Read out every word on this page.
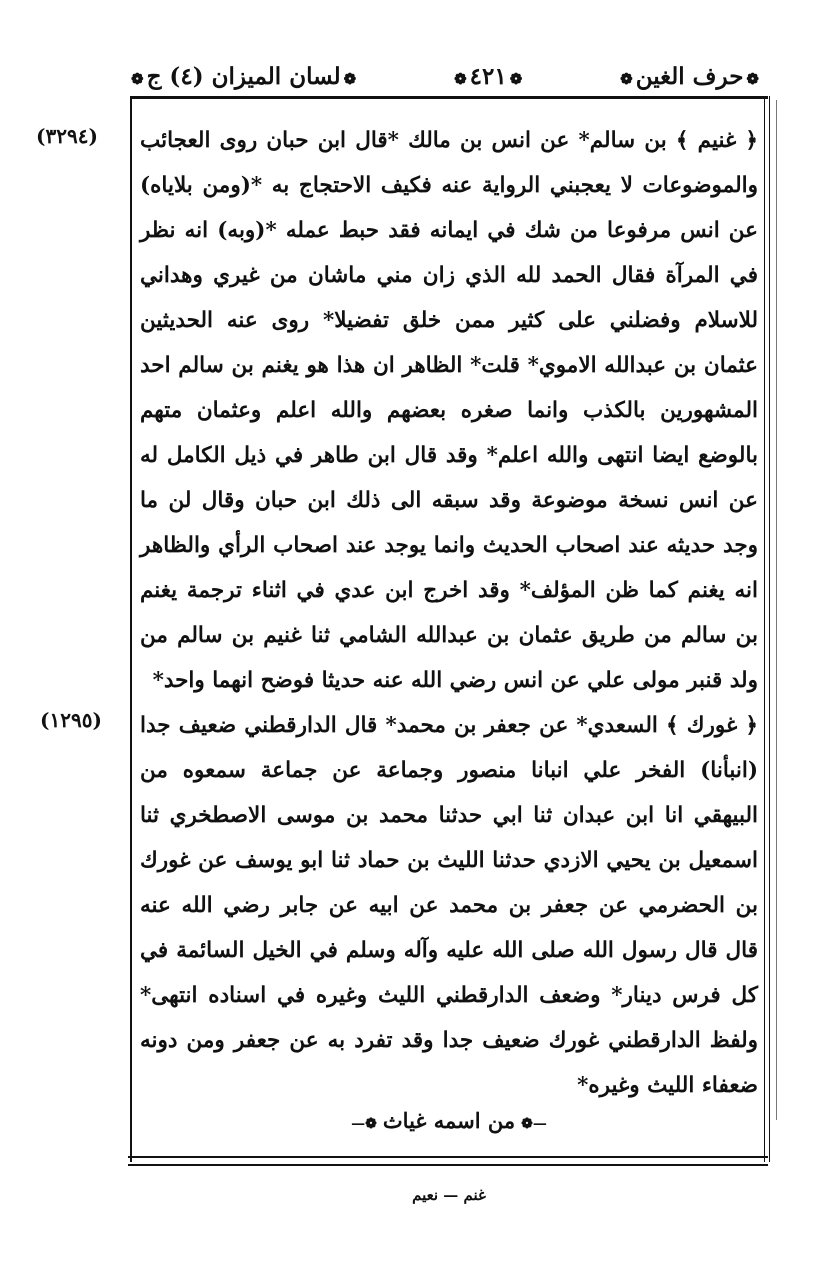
❁حرف الغين❁
❁٤٢١❁
❁لسان الميزان (٤) ج❁
(٣٢٩٤)
(١٢٩٥)

﴿ غنيم ﴾ بن سالم* عن انس بن مالك *قال ابن حبان روى العجائب والموضوعات لا يعجبني الرواية عنه فكيف الاحتجاج به *(ومن بلاياه) عن انس مرفوعا من شك في ايمانه فقد حبط عمله *(وبه) انه نظر في المرآة فقال الحمد لله الذي زان مني ماشان من غيري وهداني للاسلام وفضلني على كثير ممن خلق تفضيلا* روى عنه الحديثين عثمان بن عبدالله الاموي* قلت* الظاهر ان هذا هو يغنم بن سالم احد المشهورين بالكذب وانما صغره بعضهم والله اعلم وعثمان متهم بالوضع ايضا انتهى والله اعلم* وقد قال ابن طاهر في ذيل الكامل له عن انس نسخة موضوعة وقد سبقه الى ذلك ابن حبان وقال لن ما وجد حديثه عند اصحاب الحديث وانما يوجد عند اصحاب الرأي والظاهر انه يغنم كما ظن المؤلف* وقد اخرج ابن عدي في اثناء ترجمة يغنم بن سالم من طريق عثمان بن عبدالله الشامي ثنا غنيم بن سالم من ولد قنبر مولى علي عن انس رضي الله عنه حديثا فوضح انهما واحد*

﴿ غورك ﴾ السعدي* عن جعفر بن محمد* قال الدارقطني ضعيف جدا (انبأنا) الفخر علي انبانا منصور وجماعة عن جماعة سمعوه من البيهقي انا ابن عبدان ثنا ابي حدثنا محمد بن موسى الاصطخري ثنا اسمعيل بن يحيي الازدي حدثنا الليث بن حماد ثنا ابو يوسف عن غورك بن الحضرمي عن جعفر بن محمد عن ابيه عن جابر رضي الله عنه قال قال رسول الله صلى الله عليه وآله وسلم في الخيل السائمة في كل فرس دينار* وضعف الدارقطني الليث وغيره في اسناده انتهى* ولفظ الدارقطني غورك ضعيف جدا وقد تفرد به عن جعفر ومن دونه ضعفاء الليث وغيره*

—❁من اسمه غياث❁—
غنم — نعيم
